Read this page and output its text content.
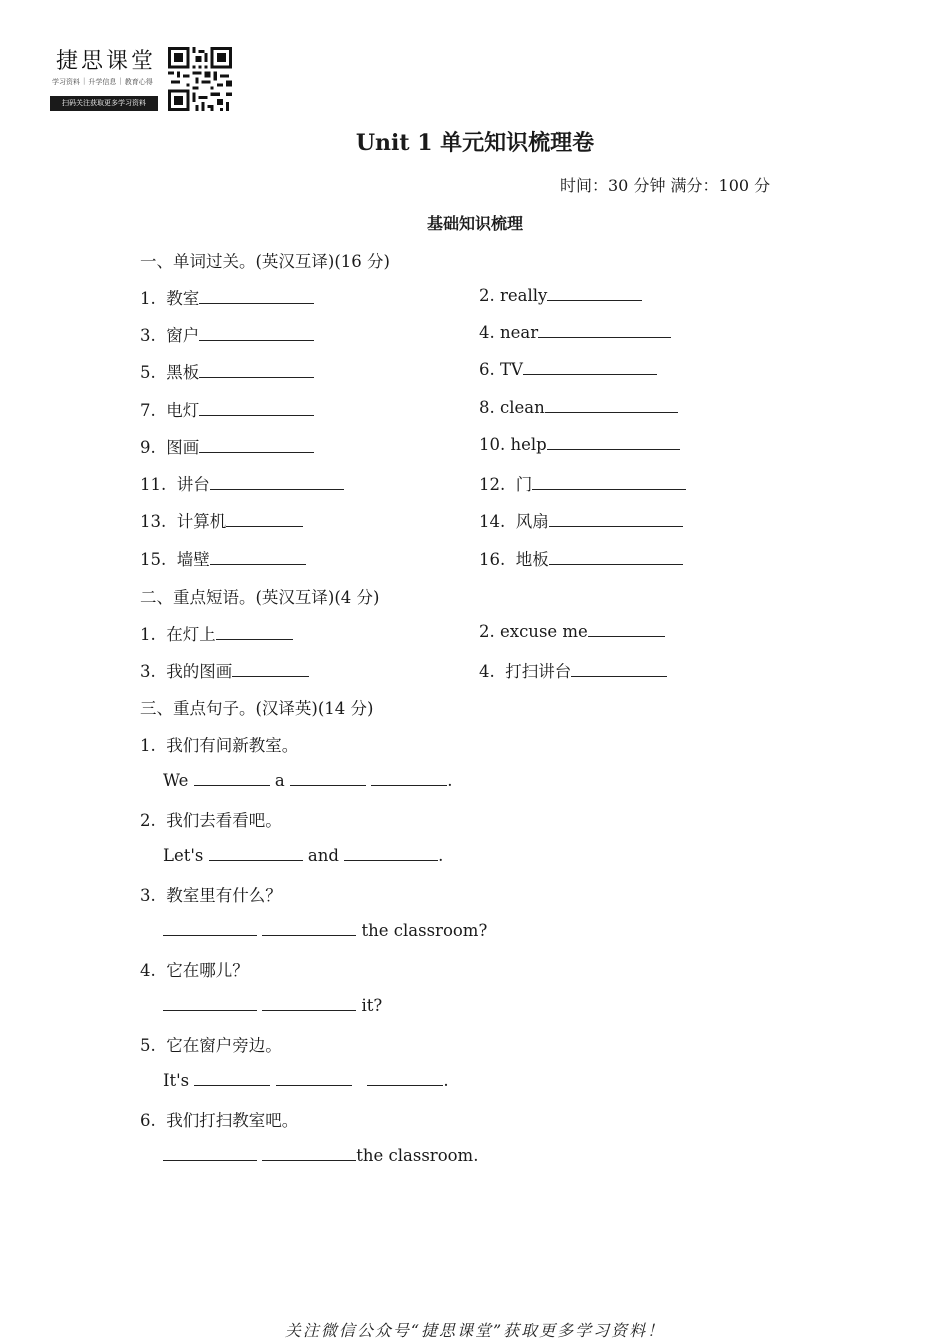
捷思课堂
学习资料 | 升学信息 | 教育心得
扫码关注获取更多学习资料
Unit 1 单元知识梳理卷
时间：30 分钟 满分：100 分
基础知识梳理
一、单词过关。(英汉互译)(16 分)
1. 教室	2. really
3. 窗户	4. near
5. 黑板	6. TV
7. 电灯	8. clean
9. 图画	10. help
11. 讲台	12. 门
13. 计算机	14. 风扇
15. 墙壁	16. 地板
二、重点短语。(英汉互译)(4 分)
1. 在灯上	2. excuse me
3. 我的图画	4. 打扫讲台
三、重点句子。(汉译英)(14 分)
1. 我们有间新教室。
We	a	.
2. 我们去看看吧。
Let's	and	.
3. 教室里有什么？
the classroom?
4. 它在哪儿？
it?
5. 它在窗户旁边。
It's	.
6. 我们打扫教室吧。
the classroom.
关注微信公众号“捷思课堂”获取更多学习资料！
